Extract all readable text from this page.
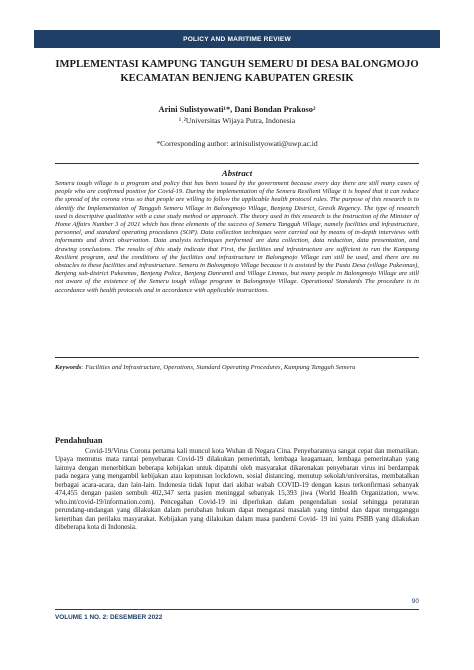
POLICY AND MARITIME REVIEW
IMPLEMENTASI KAMPUNG TANGUH SEMERU DI DESA BALONGMOJO
KECAMATAN BENJENG KABUPATEN GRESIK
Arini Sulistyowati¹*, Dani Bondan Prakoso²
¹˒²Universitas Wijaya Putra, Indonesia
*Corresponding author: arinisulistyowati@uwp.ac.id
Abstract

Semeru tough village is a program and policy that has been issued by the government because every day there are still many cases of people who are confirmed positive for Covid-19. During the implementation of the Semeru Resilient Village it is hoped that it can reduce the spread of the corona virus so that people are willing to follow the applicable health protocol rules. The purpose of this research is to identify the Implementation of Tangguh Semeru Village in Balongmojo Village, Benjeng District, Gresik Regency. The type of research used is descriptive qualitative with a case study method or approach. The theory used in this research is the Instruction of the Minister of Home Affairs Number 3 of 2021 which has three elements of the success of Semeru Tangguh Village, namely facilities and infrastructure, personnel, and standard operating procedures (SOP). Data collection techniques were carried out by means of in-depth interviews with informants and direct observation. Data analysis techniques performed are data collection, data reduction, data presentation, and drawing conclusions. The results of this study indicate that First, the facilities and infrastructure are sufficient to run the Kampung Resilient program, and the conditions of the facilities and infrastructure in Balongmojo Village can still be used, and there are no obstacles to these facilities and infrastructure. Semeru in Balongmojo Village because it is assisted by the Pustu Desa (village Pukesmas), Benjeng sub-district Pukesmas, Benjeng Police, Benjeng Danramil and Village Linmas, but many people in Balongmojo Village are still not aware of the existence of the Semeru tough village program in Balongmojo Village. Operational Standards The procedure is in accordance with health protocols and in accordance with applicable instructions.

Keywords: Facilities and Infrastructure, Operations, Standard Operating Procedures, Kampung Tangguh Semeru

Pendahuluan

Covid-19/Virus Corona pertama kali muncul kota Wuhan di Negara Cina. Penyebarannya sangat cepat dan mematikan. Upaya memutus mata rantai penyebaran Covid-19 dilakukan pemerintah, lembaga keagamaan, lembaga pemerintahan yang lainnya dengan menerbitkan beberapa kebijakan untuk dipatuhi oleh masyarakat dikarenakan penyebaran virus ini berdampak pada negara yang mengambil kebijakan atau keputusan lockdown, sosial distancing, menutup sekolah/universitas, membatalkan berbagai acara-acara, dan lain-lain. Indonesia tidak luput dari akibat wabah COVID-19 dengan kasus terkonfirmasi sebanyak 474,455 dengan pasien sembuh 402,347 serta pasien meninggal sebanyak 15,393 jiwa (World Health Organization, www. who.int/covid-19/information.com). Pencegahan Covid-19 ini diperlukan dalam pengendalian sosial sehingga peraturan perundang-undangan yang dilakukan dalam perubahan hukum dapat mengatasi masalah yang timbul dan dapat mengganggu ketertiban dan perilaku masyarakat. Kebijakan yang dilakukan dalam masa pandemi Covid- 19 ini yaitu PSBB yang dilakukan dibeberapa kota di Indonesia.

90
VOLUME 1 NO. 2: DESEMBER 2022
